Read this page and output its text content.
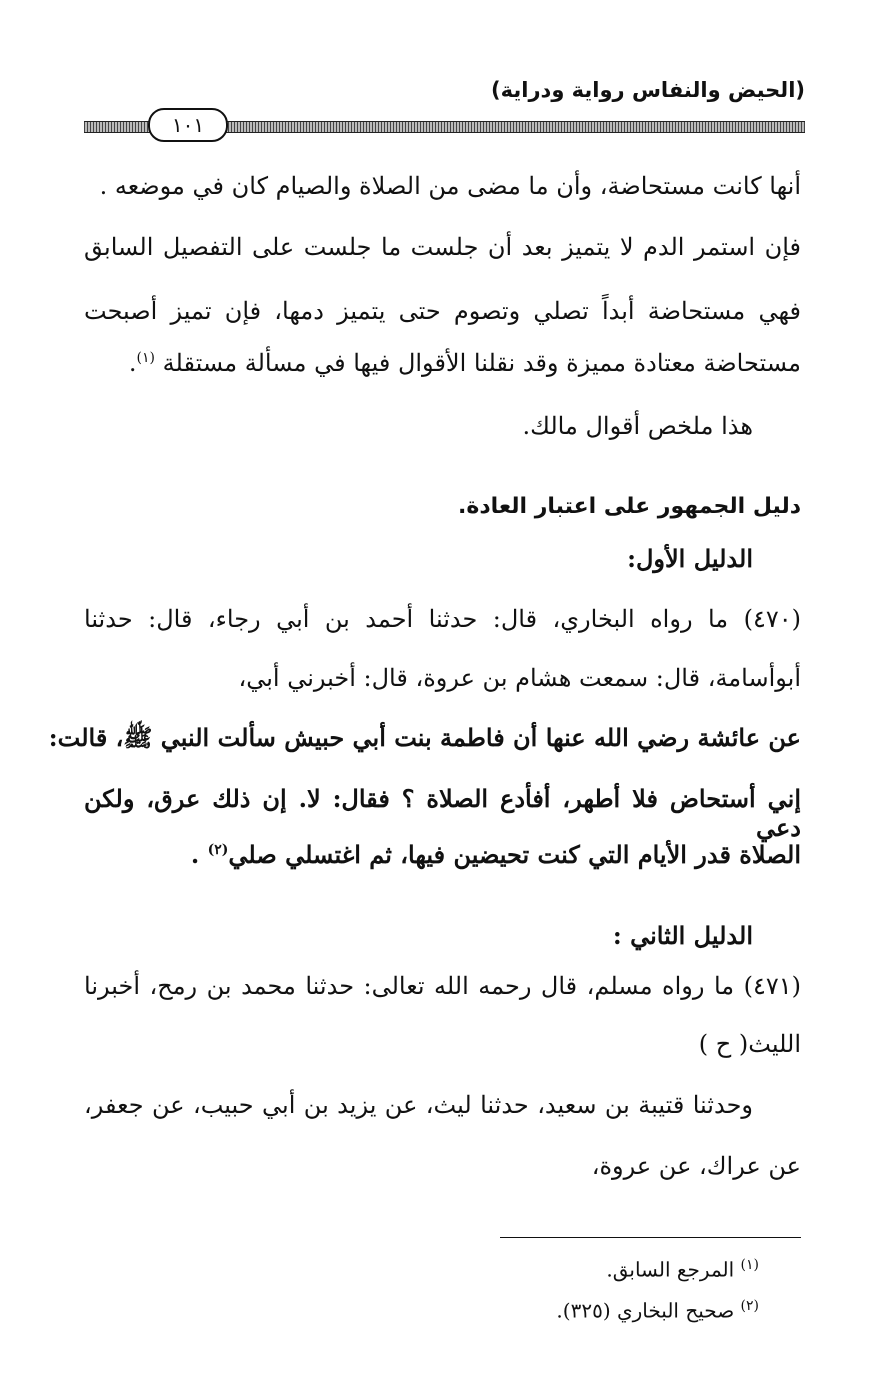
(الحيض والنفاس رواية ودراية)
١٠١
أنها كانت مستحاضة، وأن ما مضى من الصلاة والصيام كان في موضعه .
فإن استمر الدم لا يتميز بعد أن جلست ما جلست على التفصيل السابق
فهي مستحاضة أبداً تصلي وتصوم حتى يتميز دمها، فإن تميز أصبحت
مستحاضة معتادة مميزة وقد نقلنا الأقوال فيها في مسألة مستقلة $^{(١)}$.
هذا ملخص أقوال مالك.
دليل الجمهور على اعتبار العادة.
الدليل الأول:
(٤٧٠) ما رواه البخاري، قال: حدثنا أحمد بن أبي رجاء، قال: حدثنا
أبوأسامة، قال: سمعت هشام بن عروة، قال: أخبرني أبي،
عن عائشة رضي الله عنها أن فاطمة بنت أبي حبيش سألت النبي ﷺ، قالت:
إني أستحاض فلا أطهر، أفأدع الصلاة ؟ فقال: لا. إن ذلك عرق، ولكن دعي
الصلاة قدر الأيام التي كنت تحيضين فيها، ثم اغتسلي صلي$^{(٢)}$ .
الدليل الثاني :
(٤٧١) ما رواه مسلم، قال رحمه الله تعالى: حدثنا محمد بن رمح، أخبرنا
الليث( ح )
وحدثنا قتيبة بن سعيد، حدثنا ليث، عن يزيد بن أبي حبيب، عن جعفر،
عن عراك، عن عروة،
$^{(١)}$ المرجع السابق.
$^{(٢)}$ صحيح البخاري (٣٢٥).
